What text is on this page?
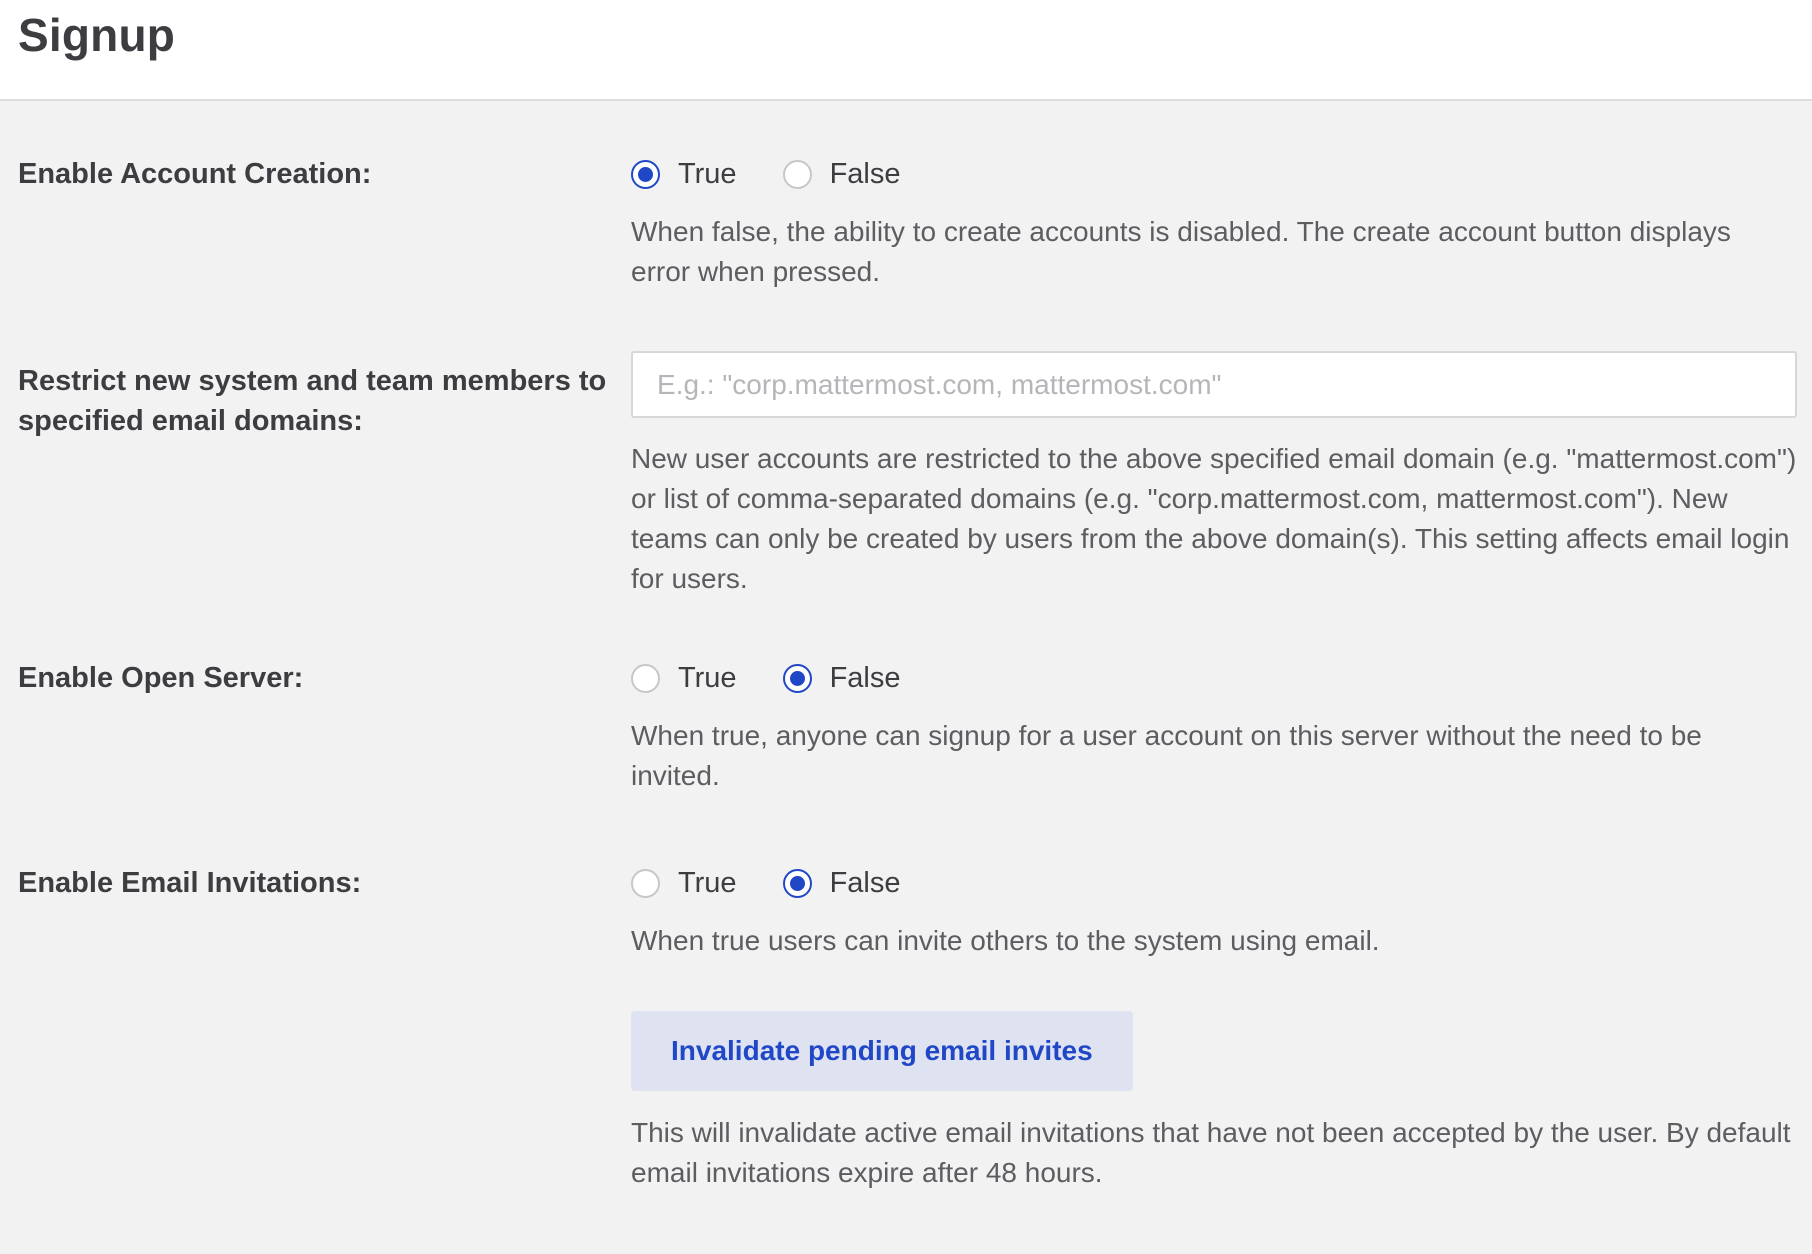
Signup
Enable Account Creation:	True	False
When false, the ability to create accounts is disabled. The create account button displays error when pressed.
Restrict new system and team members to specified email domains:
E.g.: "corp.mattermost.com, mattermost.com"
New user accounts are restricted to the above specified email domain (e.g. "mattermost.com") or list of comma-separated domains (e.g. "corp.mattermost.com, mattermost.com"). New teams can only be created by users from the above domain(s). This setting affects email login for users.
Enable Open Server:	True	False
When true, anyone can signup for a user account on this server without the need to be invited.
Enable Email Invitations:	True	False
When true users can invite others to the system using email.
Invalidate pending email invites
This will invalidate active email invitations that have not been accepted by the user. By default email invitations expire after 48 hours.
